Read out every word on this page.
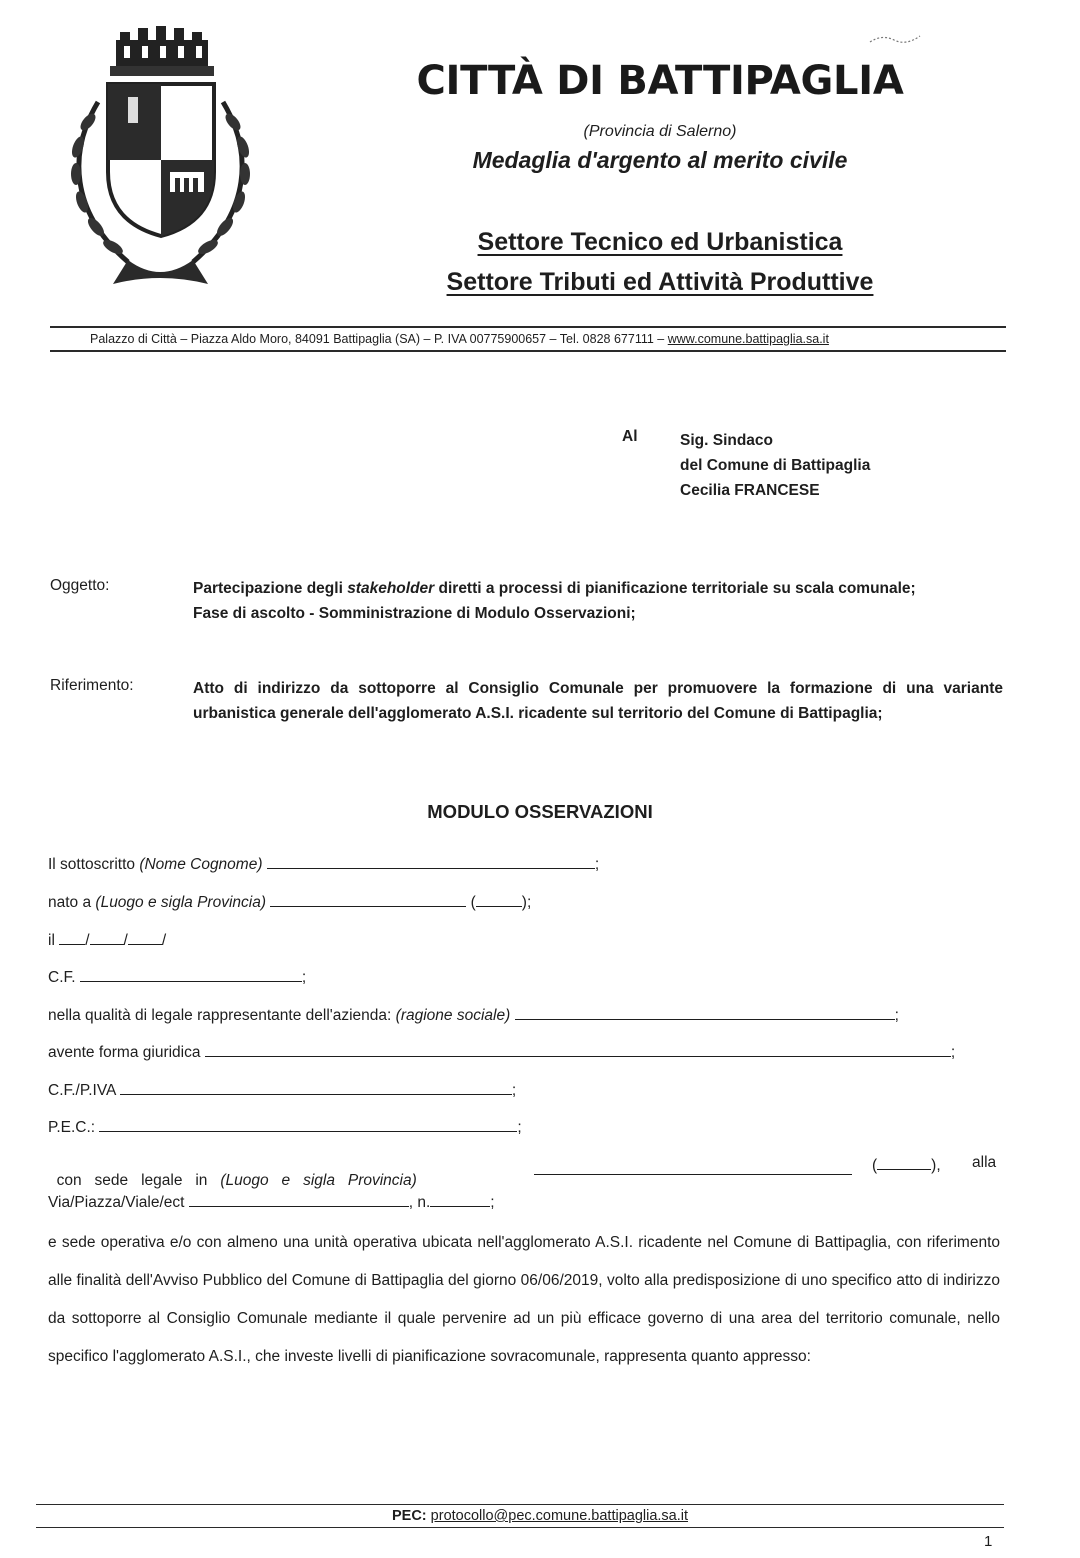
CITTÀ DI BATTIPAGLIA
(Provincia di Salerno)
Medaglia d'argento al merito civile
Settore Tecnico ed Urbanistica
Settore Tributi ed Attività Produttive
Palazzo di Città – Piazza Aldo Moro, 84091 Battipaglia (SA) – P. IVA 00775900657 – Tel. 0828 677111 – www.comune.battipaglia.sa.it
Al	Sig. Sindaco
del Comune di Battipaglia
Cecilia FRANCESE
Oggetto:	Partecipazione degli stakeholder diretti a processi di pianificazione territoriale su scala comunale;
Fase di ascolto - Somministrazione di Modulo Osservazioni;
Riferimento:	Atto di indirizzo da sottoporre al Consiglio Comunale per promuovere la formazione di una variante urbanistica generale dell'agglomerato A.S.I. ricadente sul territorio del Comune di Battipaglia;
MODULO OSSERVAZIONI
Il sottoscritto (Nome Cognome)	;
nato a (Luogo e sigla Provincia)	(	);
il / / /
C.F.	;
nella qualità di legale rappresentante dell'azienda: (ragione sociale)	;
avente forma giuridica	;
C.F./P.IVA	;
P.E.C.:	;

con   sede   legale   in   (Luogo   e   sigla   Provincia)

(	), alla
Via/Piazza/Viale/ect	, n.	;
e sede operativa e/o con almeno una unità operativa ubicata nell'agglomerato A.S.I. ricadente nel Comune di Battipaglia, con riferimento alle finalità dell'Avviso Pubblico del Comune di Battipaglia del giorno 06/06/2019, volto alla predisposizione di uno specifico atto di indirizzo da sottoporre al Consiglio Comunale mediante il quale pervenire ad un più efficace governo di una area del territorio comunale, nello specifico l'agglomerato A.S.I., che investe livelli di pianificazione sovracomunale, rappresenta quanto appresso:
PEC: protocollo@pec.comune.battipaglia.sa.it
1
